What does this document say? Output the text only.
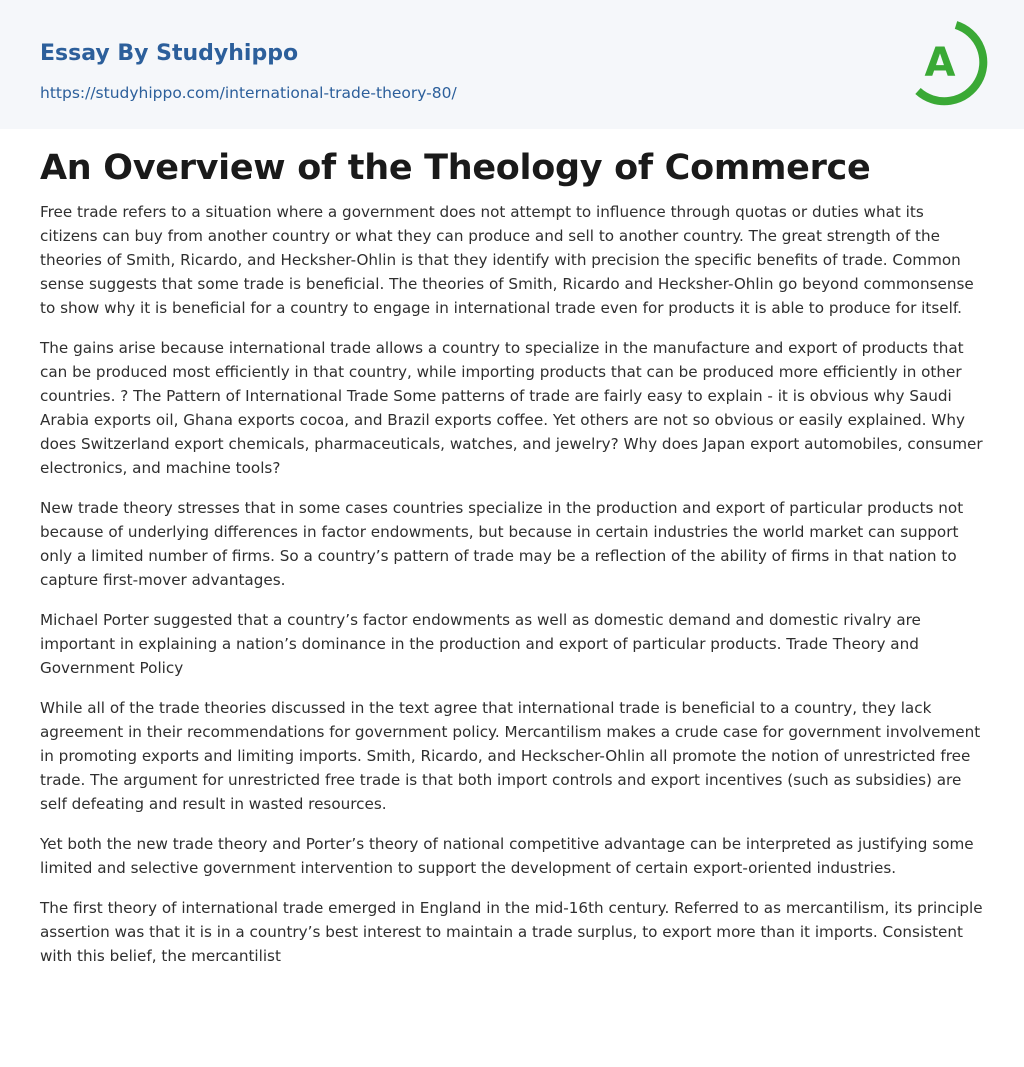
Essay By Studyhippo
https://studyhippo.com/international-trade-theory-80/
A
An Overview of the Theology of Commerce

Free trade refers to a situation where a government does not attempt to influence through quotas or duties what its citizens can buy from another country or what they can produce and sell to another country. The great strength of the theories of Smith, Ricardo, and Hecksher-Ohlin is that they identify with precision the specific benefits of trade. Common sense suggests that some trade is beneficial. The theories of Smith, Ricardo and Hecksher-Ohlin go beyond commonsense to show why it is beneficial for a country to engage in international trade even for products it is able to produce for itself.

The gains arise because international trade allows a country to specialize in the manufacture and export of products that can be produced most efficiently in that country, while importing products that can be produced more efficiently in other countries. ? The Pattern of International Trade Some patterns of trade are fairly easy to explain - it is obvious why Saudi Arabia exports oil, Ghana exports cocoa, and Brazil exports coffee. Yet others are not so obvious or easily explained. Why does Switzerland export chemicals, pharmaceuticals, watches, and jewelry? Why does Japan export automobiles, consumer electronics, and machine tools?

New trade theory stresses that in some cases countries specialize in the production and export of particular products not because of underlying differences in factor endowments, but because in certain industries the world market can support only a limited number of firms. So a country’s pattern of trade may be a reflection of the ability of firms in that nation to capture first-mover advantages.

Michael Porter suggested that a country’s factor endowments as well as domestic demand and domestic rivalry are important in explaining a nation’s dominance in the production and export of particular products. Trade Theory and Government Policy

While all of the trade theories discussed in the text agree that international trade is beneficial to a country, they lack agreement in their recommendations for government policy. Mercantilism makes a crude case for government involvement in promoting exports and limiting imports. Smith, Ricardo, and Heckscher-Ohlin all promote the notion of unrestricted free trade. The argument for unrestricted free trade is that both import controls and export incentives (such as subsidies) are self defeating and result in wasted resources.

Yet both the new trade theory and Porter’s theory of national competitive advantage can be interpreted as justifying some limited and selective government intervention to support the development of certain export-oriented industries.

The first theory of international trade emerged in England in the mid-16th century. Referred to as mercantilism, its principle assertion was that it is in a country’s best interest to maintain a trade surplus, to export more than it imports. Consistent with this belief, the mercantilist
